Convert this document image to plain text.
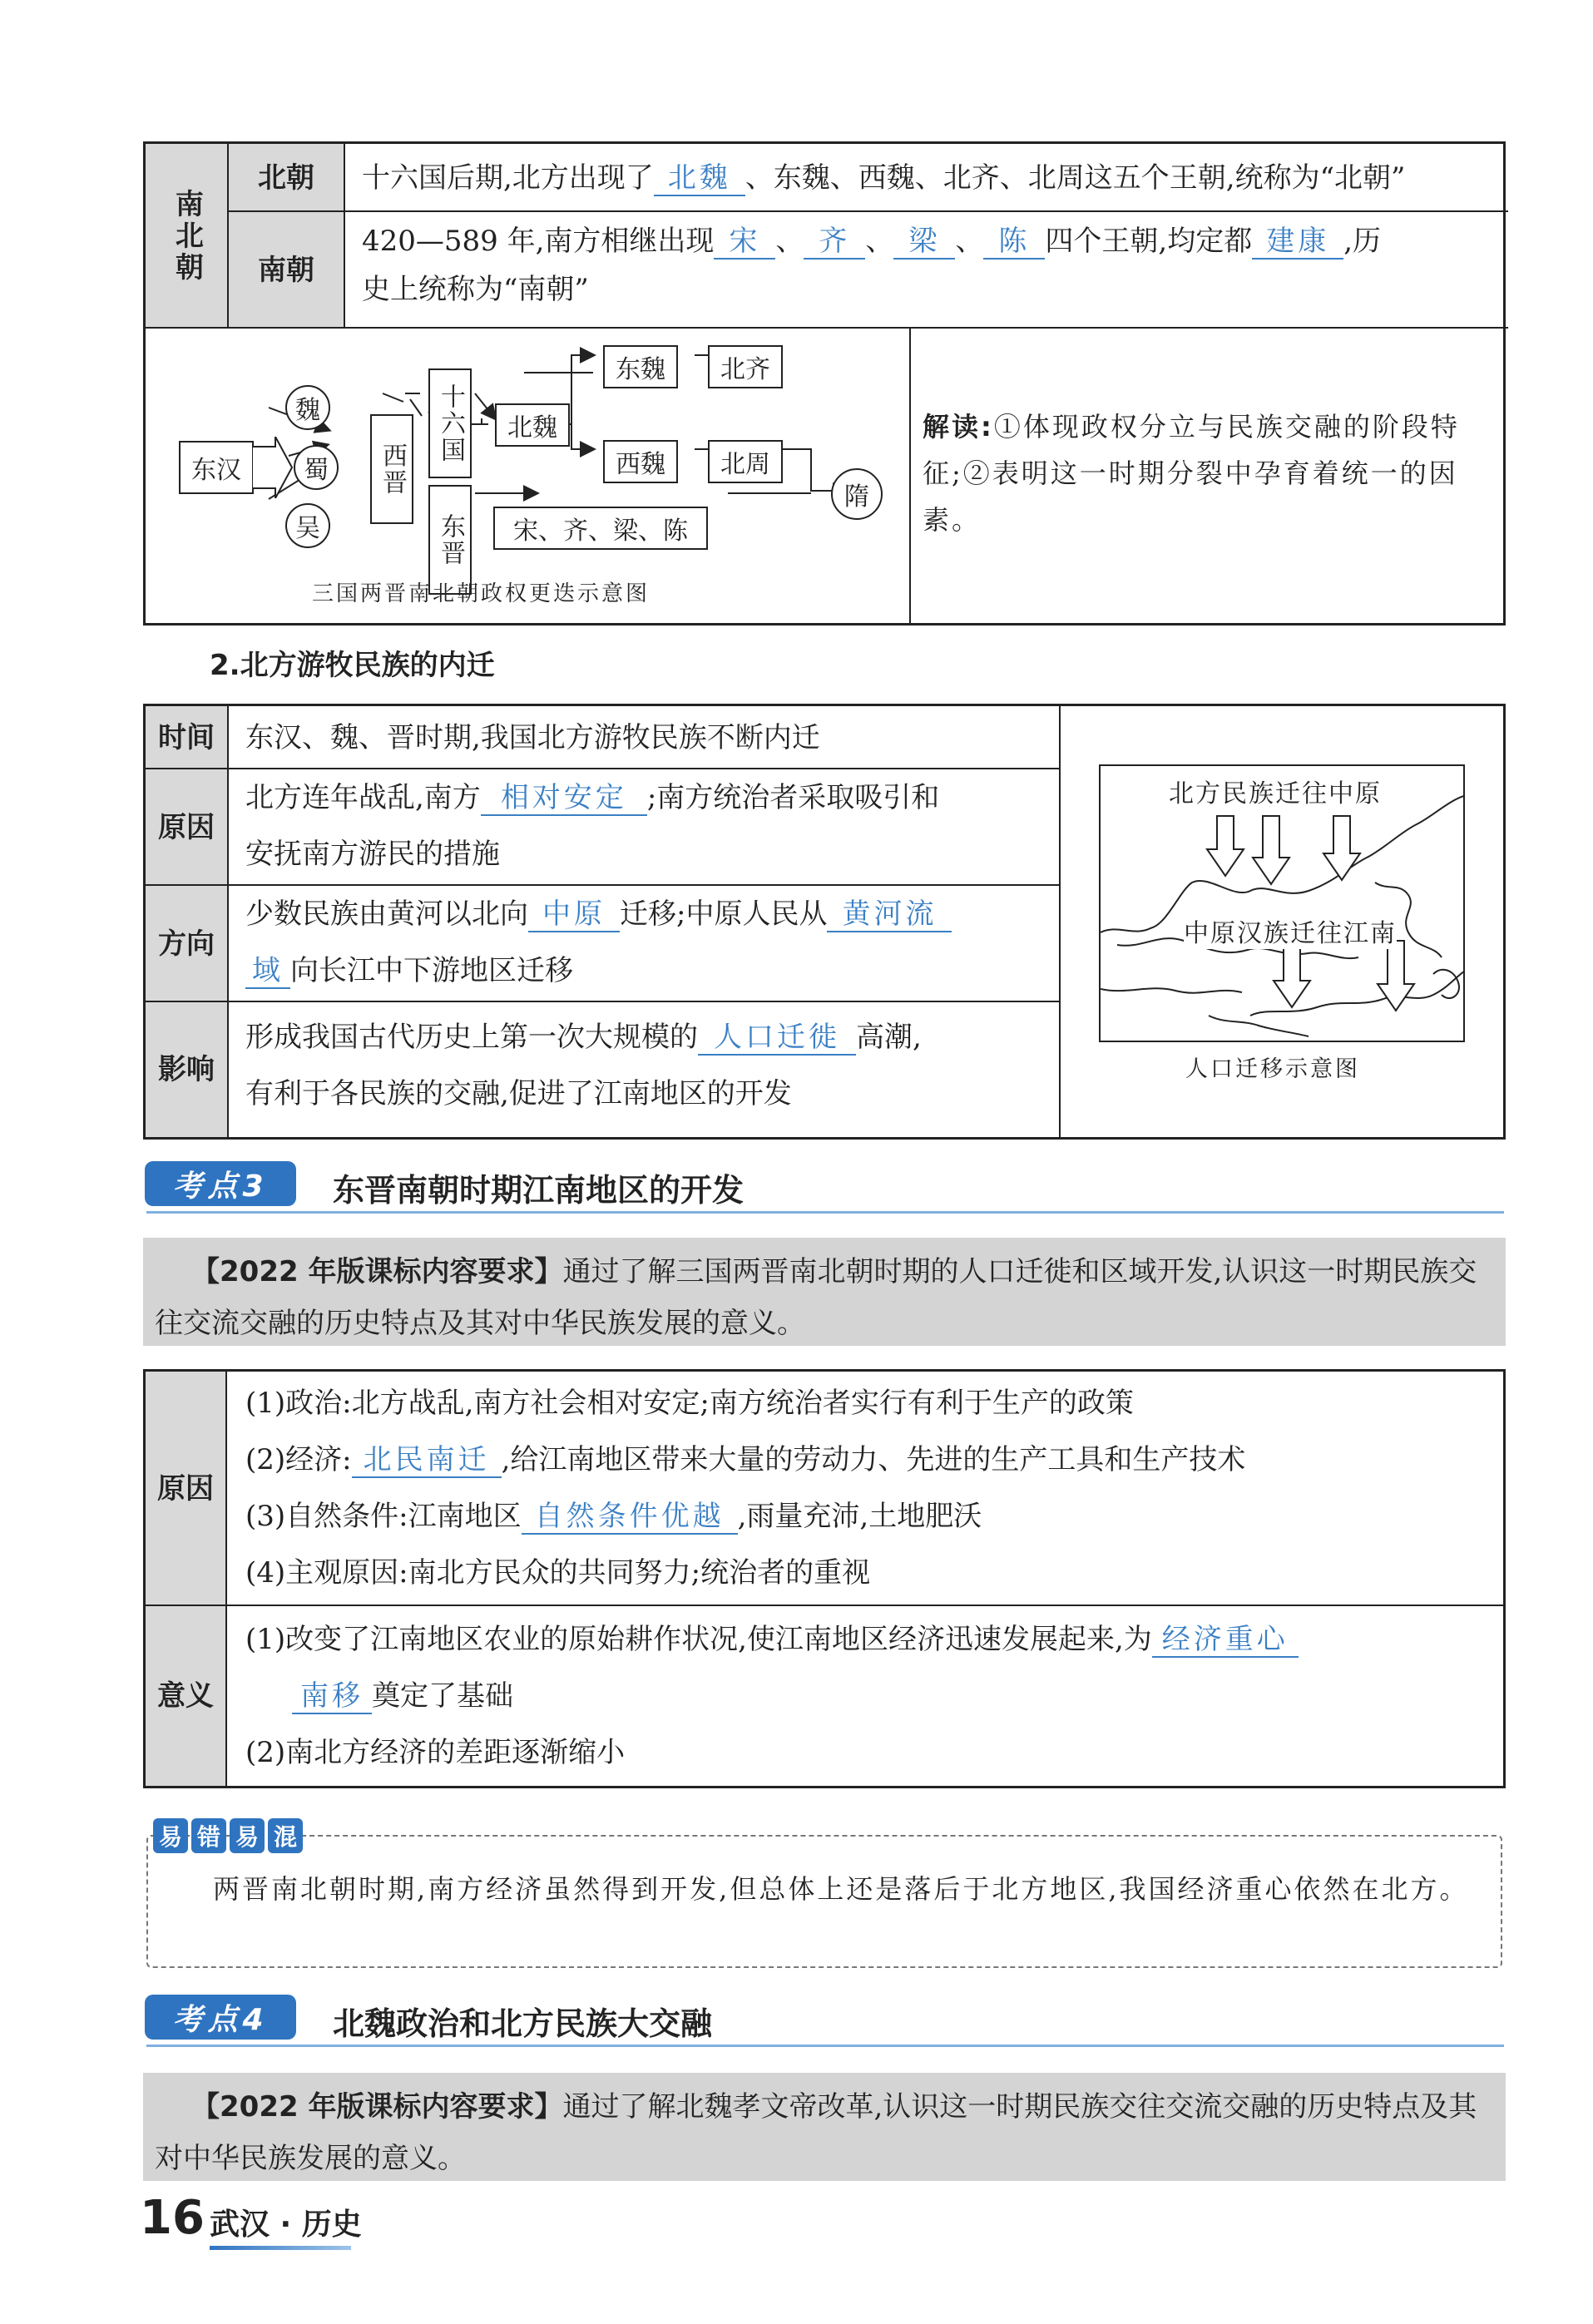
南北朝
北朝
南朝
十六国后期,北方出现了 北魏 、东魏、西魏、北齐、北周这五个王朝,统称为“北朝”
420—589 年,南方相继出现 宋 、 齐 、 梁 、 陈 四个王朝,均定都 建康 ,历
史上统称为“南朝”
东汉
魏
蜀
吴
西晋
十六国
东晋
北魏
东魏
西魏
北齐
北周
宋、齐、梁、陈
隋
三国两晋南北朝政权更迭示意图
解读:①体现政权分立与民族交融的阶段特征;②表明这一时期分裂中孕育着统一的因素。
2.北方游牧民族的内迁
时间
原因
方向
影响
东汉、魏、晋时期,我国北方游牧民族不断内迁
北方连年战乱,南方 相对安定 ;南方统治者采取吸引和
安抚南方游民的措施
少数民族由黄河以北向 中原 迁移;中原人民从 黄河流
域 向长江中下游地区迁移
形成我国古代历史上第一次大规模的 人口迁徙 高潮,
有利于各民族的交融,促进了江南地区的开发
北方民族迁往中原
中原汉族迁往江南
人口迁移示意图
考点3	东晋南朝时期江南地区的开发
【2022 年版课标内容要求】通过了解三国两晋南北朝时期的人口迁徙和区域开发,认识这一时期民族交往交流交融的历史特点及其对中华民族发展的意义。
原因
意义
(1)政治:北方战乱,南方社会相对安定;南方统治者实行有利于生产的政策
(2)经济: 北民南迁 ,给江南地区带来大量的劳动力、先进的生产工具和生产技术
(3)自然条件:江南地区 自然条件优越 ,雨量充沛,土地肥沃
(4)主观原因:南北方民众的共同努力;统治者的重视
(1)改变了江南地区农业的原始耕作状况,使江南地区经济迅速发展起来,为 经济重心
南移 奠定了基础
(2)南北方经济的差距逐渐缩小
易 错 易 混
两晋南北朝时期,南方经济虽然得到开发,但总体上还是落后于北方地区,我国经济重心依然在北方。
考点4	北魏政治和北方民族大交融
【2022 年版课标内容要求】通过了解北魏孝文帝改革,认识这一时期民族交往交流交融的历史特点及其对中华民族发展的意义。
16 武汉 · 历史
